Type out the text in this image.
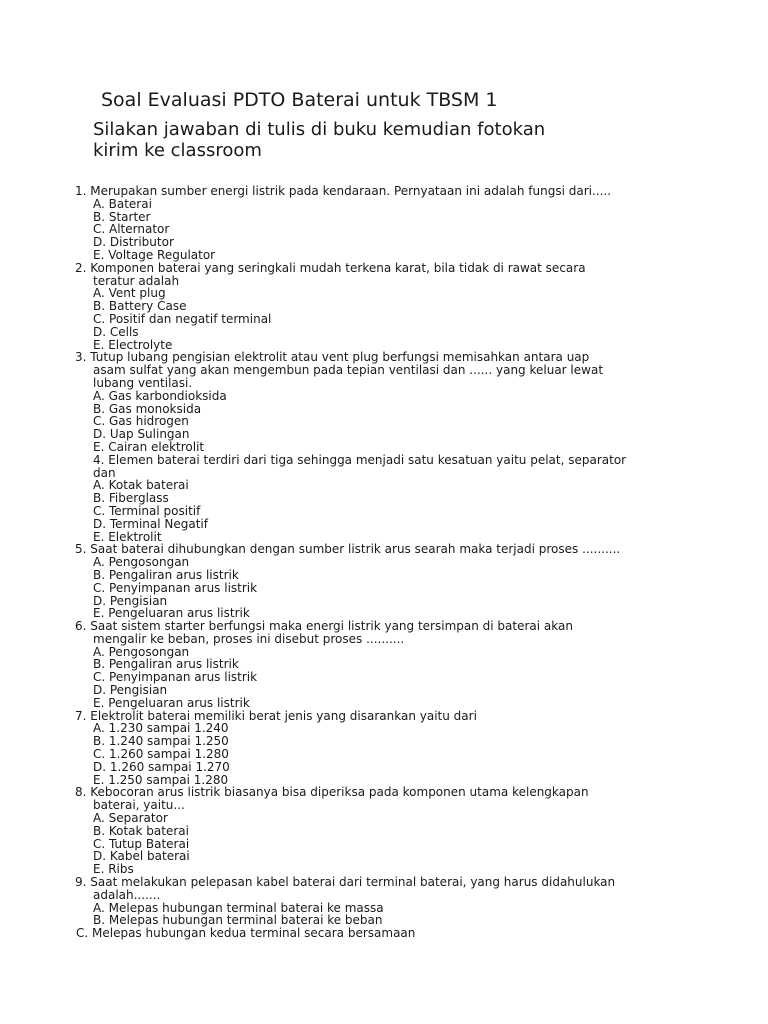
Soal Evaluasi PDTO Baterai untuk TBSM 1
Silakan jawaban di tulis di buku kemudian fotokan
kirim ke classroom
1. Merupakan sumber energi listrik pada kendaraan. Pernyataan ini adalah fungsi dari.....
A. Baterai
B. Starter
C. Alternator
D. Distributor
E. Voltage Regulator
2. Komponen baterai yang seringkali mudah terkena karat, bila tidak di rawat secara
teratur adalah
A. Vent plug
B. Battery Case
C. Positif dan negatif terminal
D. Cells
E. Electrolyte
3. Tutup lubang pengisian elektrolit atau vent plug berfungsi memisahkan antara uap
asam sulfat yang akan mengembun pada tepian ventilasi dan ...... yang keluar lewat
lubang ventilasi.
A. Gas karbondioksida
B. Gas monoksida
C. Gas hidrogen
D. Uap Sulingan
E. Cairan elektrolit
4. Elemen baterai terdiri dari tiga sehingga menjadi satu kesatuan yaitu pelat, separator
dan
A. Kotak baterai
B. Fiberglass
C. Terminal positif
D. Terminal Negatif
E. Elektrolit
5. Saat baterai dihubungkan dengan sumber listrik arus searah maka terjadi proses ..........
A. Pengosongan
B. Pengaliran arus listrik
C. Penyimpanan arus listrik
D. Pengisian
E. Pengeluaran arus listrik
6. Saat sistem starter berfungsi maka energi listrik yang tersimpan di baterai akan
mengalir ke beban, proses ini disebut proses ..........
A. Pengosongan
B. Pengaliran arus listrik
C. Penyimpanan arus listrik
D. Pengisian
E. Pengeluaran arus listrik
7. Elektrolit baterai memiliki berat jenis yang disarankan yaitu dari
A. 1.230 sampai 1.240
B. 1.240 sampai 1.250
C. 1.260 sampai 1.280
D. 1.260 sampai 1.270
E. 1.250 sampai 1.280
8. Kebocoran arus listrik biasanya bisa diperiksa pada komponen utama kelengkapan
baterai, yaitu...
A. Separator
B. Kotak baterai
C. Tutup Baterai
D. Kabel baterai
E. Ribs
9. Saat melakukan pelepasan kabel baterai dari terminal baterai, yang harus didahulukan
adalah.......
A. Melepas hubungan terminal baterai ke massa
B. Melepas hubungan terminal baterai ke beban
C. Melepas hubungan kedua terminal secara bersamaan
